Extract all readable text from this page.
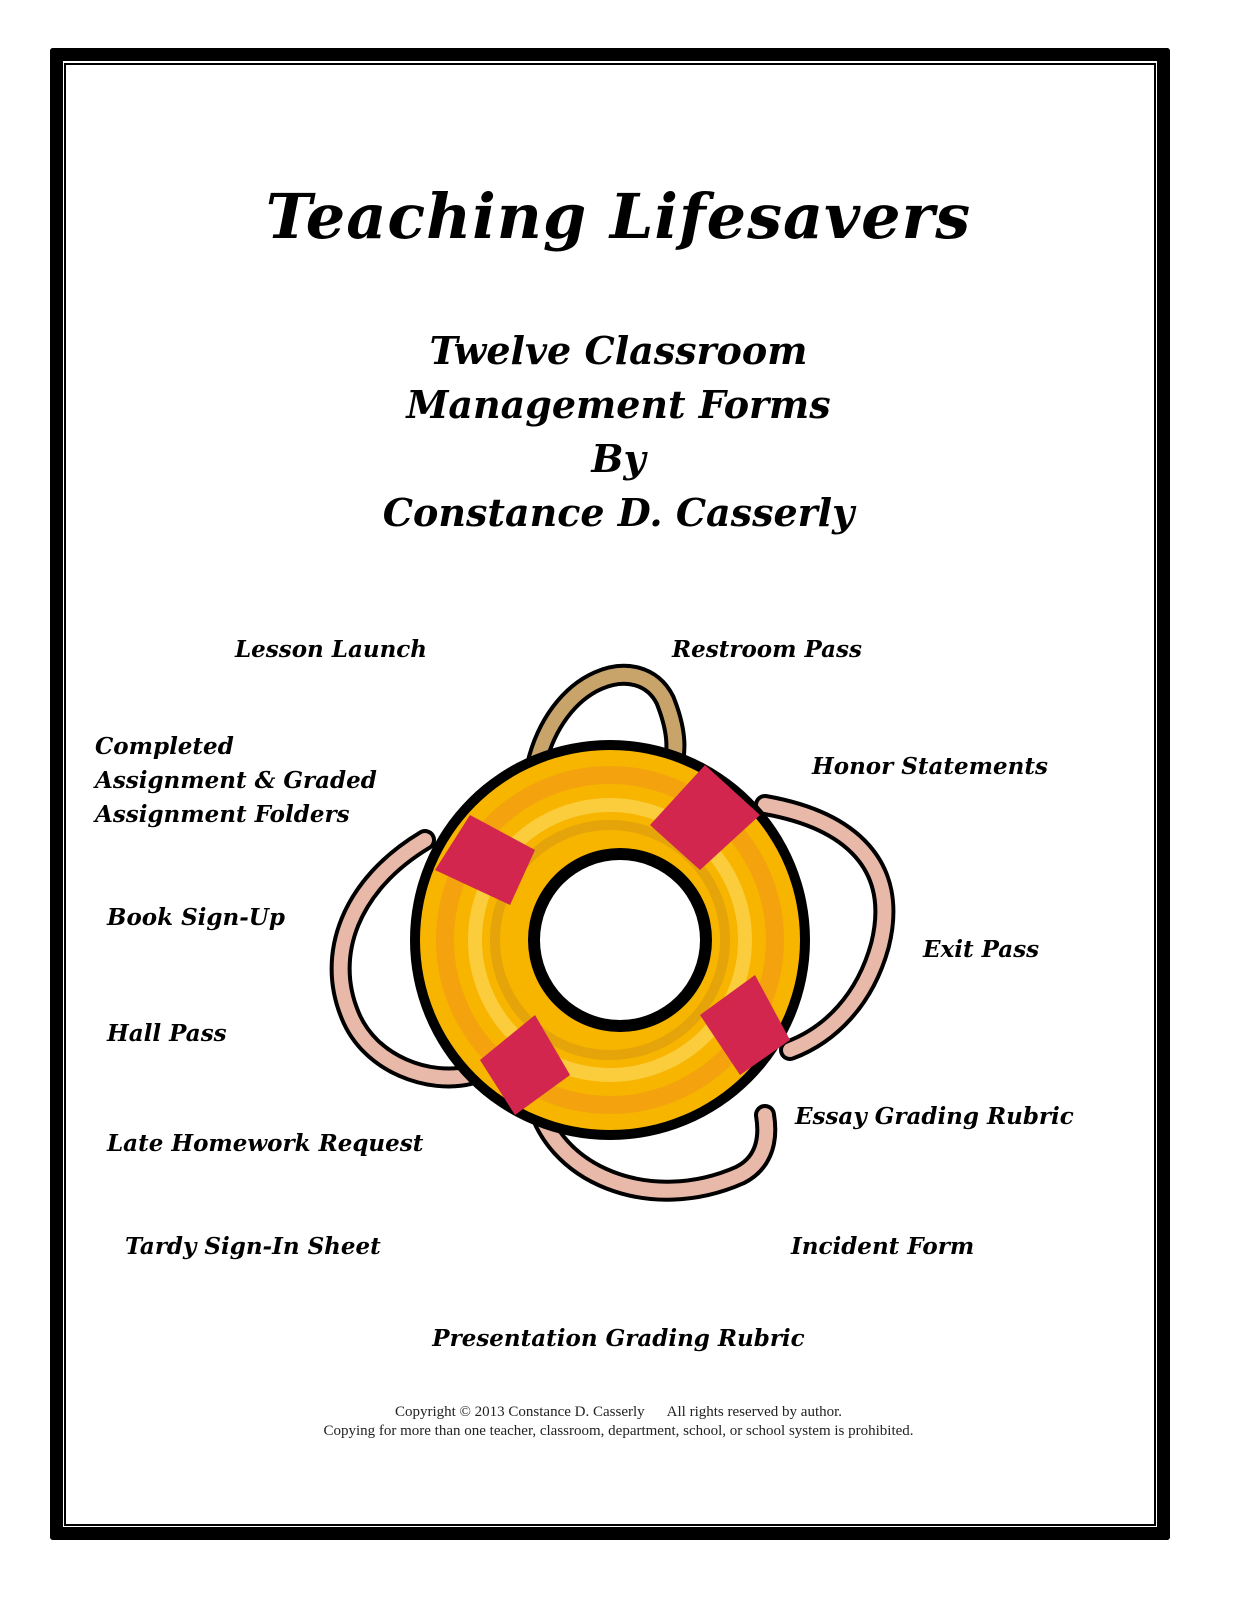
Teaching Lifesavers

Twelve Classroom

Management Forms

By

Constance D. Casserly

Lesson Launch

Completed

Assignment & Graded

Assignment Folders

Book Sign-Up

Hall Pass

Late Homework Request

Tardy Sign-In Sheet

Restroom Pass

Honor Statements

Exit Pass

Essay Grading Rubric

Incident Form

Presentation Grading Rubric

Copyright © 2013 Constance D. Casserly All rights reserved by author.
Copying for more than one teacher, classroom, department, school, or school system is prohibited.
